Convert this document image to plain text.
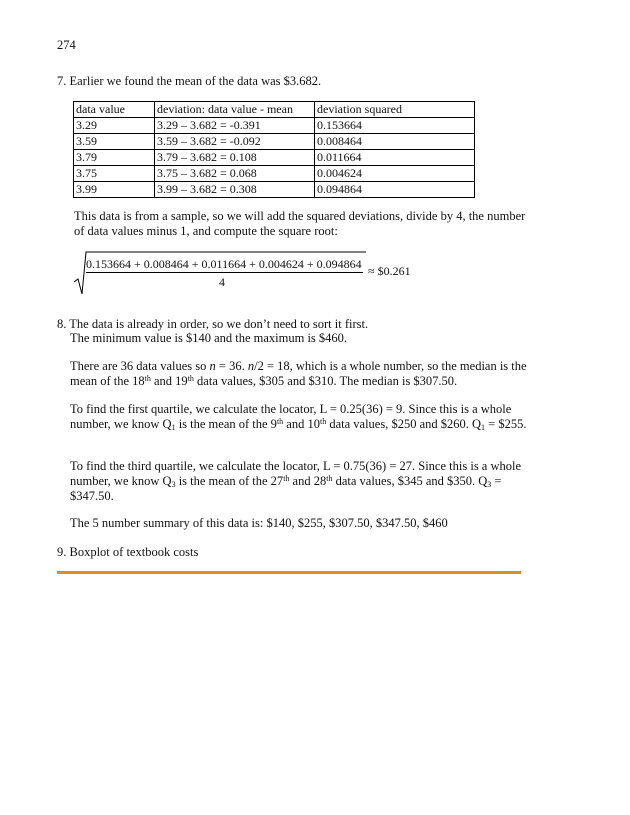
274
7. Earlier we found the mean of the data was $3.682.
data value	deviation: data value - mean	deviation squared
3.29	3.29 – 3.682 = -0.391	0.153664
3.59	3.59 – 3.682 = -0.092	0.008464
3.79	3.79 – 3.682 = 0.108	0.011664
3.75	3.75 – 3.682 = 0.068	0.004624
3.99	3.99 – 3.682 = 0.308	0.094864
This data is from a sample, so we will add the squared deviations, divide by 4, the number of data values minus 1, and compute the square root:
0.153664 + 0.008464 + 0.011664 + 0.004624 + 0.094864
4
≈ $0.261
8. The data is already in order, so we don’t need to sort it first.
The minimum value is $140 and the maximum is $460.
There are 36 data values so n = 36. n/2 = 18, which is a whole number, so the median is the mean of the 18th and 19th data values, $305 and $310. The median is $307.50.
To find the first quartile, we calculate the locator, L = 0.25(36) = 9. Since this is a whole number, we know $Q_1$ is the mean of the 9th and 10th data values, $250 and $260. $Q_1$ = $255.
To find the third quartile, we calculate the locator, L = 0.75(36) = 27. Since this is a whole number, we know $Q_3$ is the mean of the 27th and 28th data values, $345 and $350. $Q_3$ = $347.50.
The 5 number summary of this data is: $140, $255, $307.50, $347.50, $460
9. Boxplot of textbook costs
